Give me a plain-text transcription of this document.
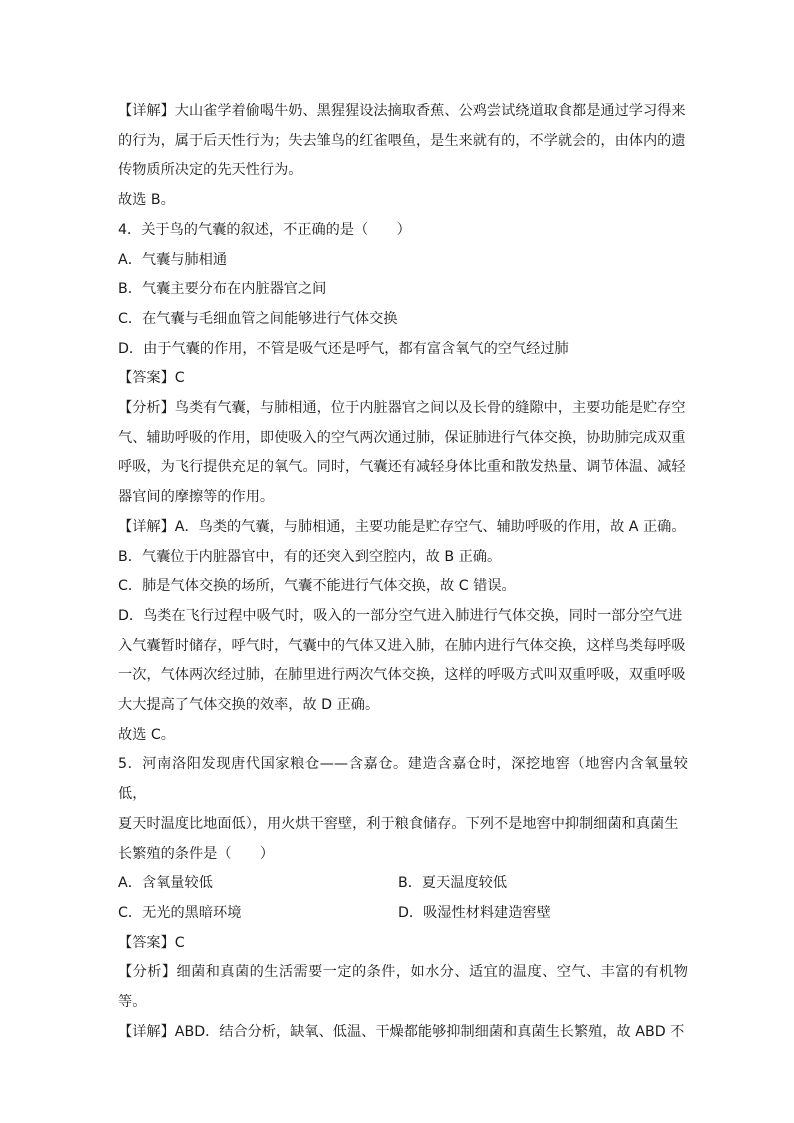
【详解】大山雀学着偷喝牛奶、黑猩猩设法摘取香蕉、公鸡尝试绕道取食都是通过学习得来

的行为，属于后天性行为；失去雏鸟的红雀喂鱼，是生来就有的，不学就会的，由体内的遗

传物质所决定的先天性行为。

故选 B。

4．关于鸟的气囊的叙述，不正确的是（　　）

A．气囊与肺相通

B．气囊主要分布在内脏器官之间

C．在气囊与毛细血管之间能够进行气体交换

D．由于气囊的作用，不管是吸气还是呼气，都有富含氧气的空气经过肺

【答案】C

【分析】鸟类有气囊，与肺相通，位于内脏器官之间以及长骨的缝隙中，主要功能是贮存空

气、辅助呼吸的作用，即使吸入的空气两次通过肺，保证肺进行气体交换，协助肺完成双重

呼吸，为飞行提供充足的氧气。同时，气囊还有减轻身体比重和散发热量、调节体温、减轻

器官间的摩擦等的作用。

【详解】A．鸟类的气囊，与肺相通，主要功能是贮存空气、辅助呼吸的作用，故 A 正确。

B．气囊位于内脏器官中，有的还突入到空腔内，故 B 正确。

C．肺是气体交换的场所，气囊不能进行气体交换，故 C 错误。

D．鸟类在飞行过程中吸气时，吸入的一部分空气进入肺进行气体交换，同时一部分空气进

入气囊暂时储存，呼气时，气囊中的气体又进入肺，在肺内进行气体交换，这样鸟类每呼吸

一次，气体两次经过肺，在肺里进行两次气体交换，这样的呼吸方式叫双重呼吸，双重呼吸

大大提高了气体交换的效率，故 D 正确。

故选 C。

5．河南洛阳发现唐代国家粮仓——含嘉仓。建造含嘉仓时，深挖地窖（地窖内含氧量较低，

夏天时温度比地面低），用火烘干窖壁，利于粮食储存。下列不是地窖中抑制细菌和真菌生

长繁殖的条件是（　　）

A．含氧量较低	B．夏天温度较低
C．无光的黑暗环境	D．吸湿性材料建造窖壁

【答案】C

【分析】细菌和真菌的生活需要一定的条件，如水分、适宜的温度、空气、丰富的有机物等。

【详解】ABD．结合分析，缺氧、低温、干燥都能够抑制细菌和真菌生长繁殖，故 ABD 不
